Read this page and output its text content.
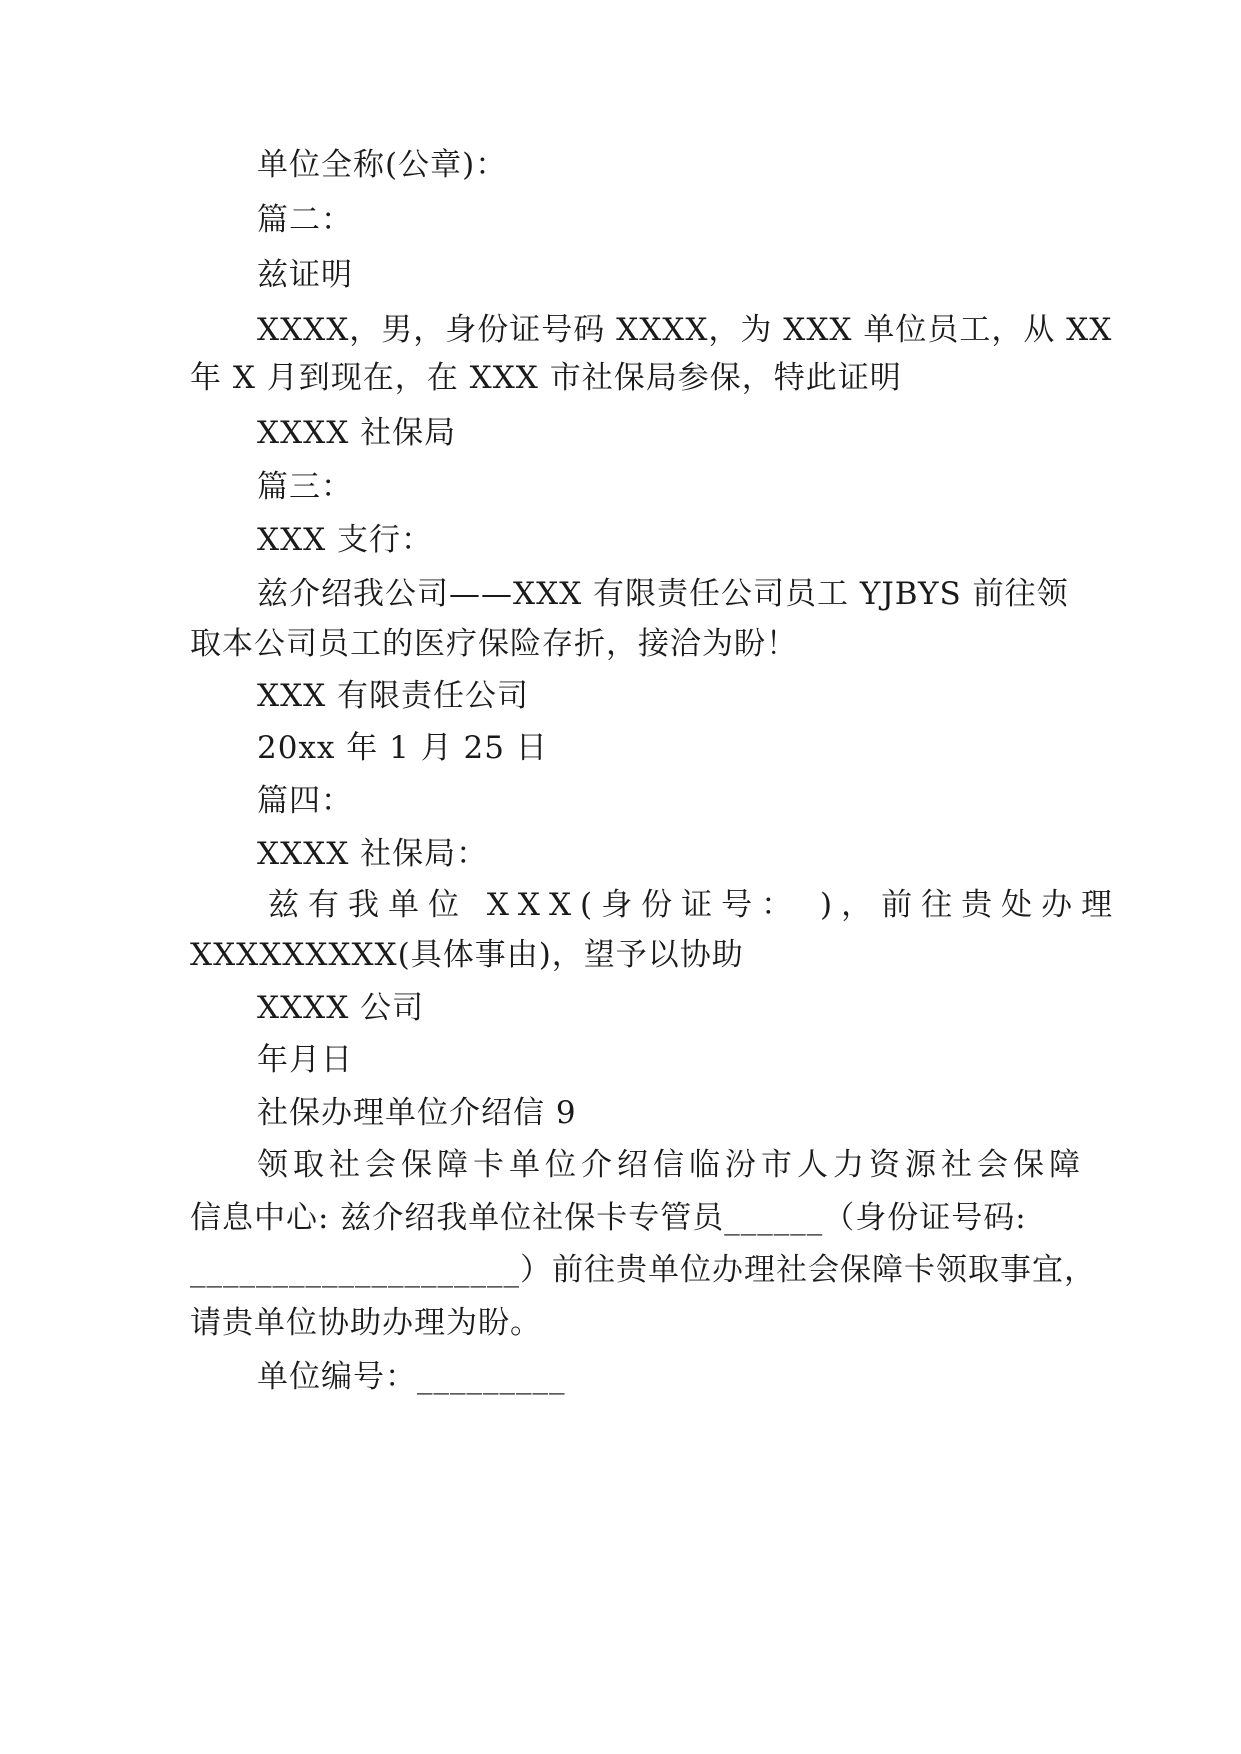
单位全称(公章)：
篇二：
兹证明
XXXX，男，身份证号码 XXXX，为 XXX 单位员工，从 XX
年 X 月到现在，在 XXX 市社保局参保，特此证明
XXXX 社保局
篇三：
XXX 支行：
兹介绍我公司——XXX 有限责任公司员工 YJBYS 前往领
取本公司员工的医疗保险存折，接洽为盼！
XXX 有限责任公司
20xx 年 1 月 25 日
篇四：
XXXX 社保局：
兹有我单位 XXX(身份证号： )，前往贵处办理
XXXXXXXXX(具体事由)，望予以协助
XXXX 公司
年月日
社保办理单位介绍信 9
领取社会保障卡单位介绍信临汾市人力资源社会保障
信息中心: 兹介绍我单位社保卡专管员______（身份证号码:
____________________）前往贵单位办理社会保障卡领取事宜，
请贵单位协助办理为盼。
单位编号：_________
